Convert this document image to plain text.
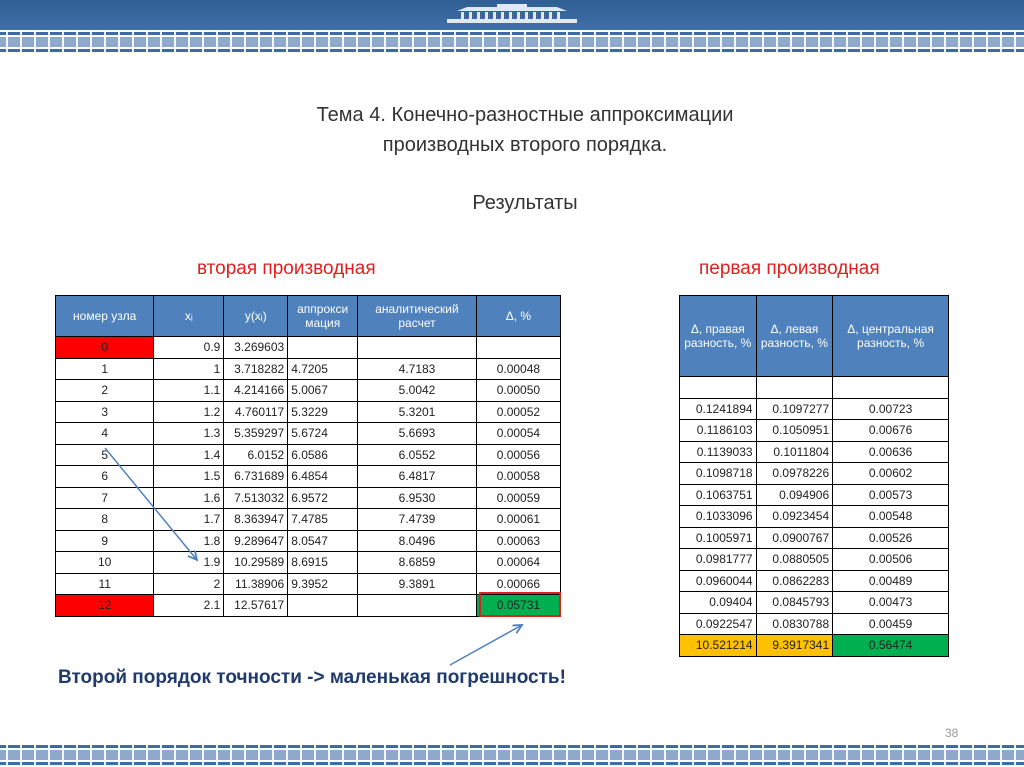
Тема 4. Конечно-разностные аппроксимации
производных второго порядка.
Результаты
вторая производная	первая производная
номер узла	xᵢ	y(xᵢ)	аппрокси мация	аналитический расчет	Δ, %
0	0.9	3.269603			
1	1	3.718282	4.7205	4.7183	0.00048
2	1.1	4.214166	5.0067	5.0042	0.00050
3	1.2	4.760117	5.3229	5.3201	0.00052
4	1.3	5.359297	5.6724	5.6693	0.00054
5	1.4	6.0152	6.0586	6.0552	0.00056
6	1.5	6.731689	6.4854	6.4817	0.00058
7	1.6	7.513032	6.9572	6.9530	0.00059
8	1.7	8.363947	7.4785	7.4739	0.00061
9	1.8	9.289647	8.0547	8.0496	0.00063
10	1.9	10.29589	8.6915	8.6859	0.00064
11	2	11.38906	9.3952	9.3891	0.00066
12	2.1	12.57617			0.05731
Δ, правая разность, %	Δ, левая разность, %	Δ, центральная разность, %

0.1241894	0.1097277	0.00723
0.1186103	0.1050951	0.00676
0.1139033	0.1011804	0.00636
0.1098718	0.0978226	0.00602
0.1063751	0.094906	0.00573
0.1033096	0.0923454	0.00548
0.1005971	0.0900767	0.00526
0.0981777	0.0880505	0.00506
0.0960044	0.0862283	0.00489
0.09404	0.0845793	0.00473
0.0922547	0.0830788	0.00459
10.521214	9.3917341	0.56474
Второй порядок точности -> маленькая погрешность!
38
